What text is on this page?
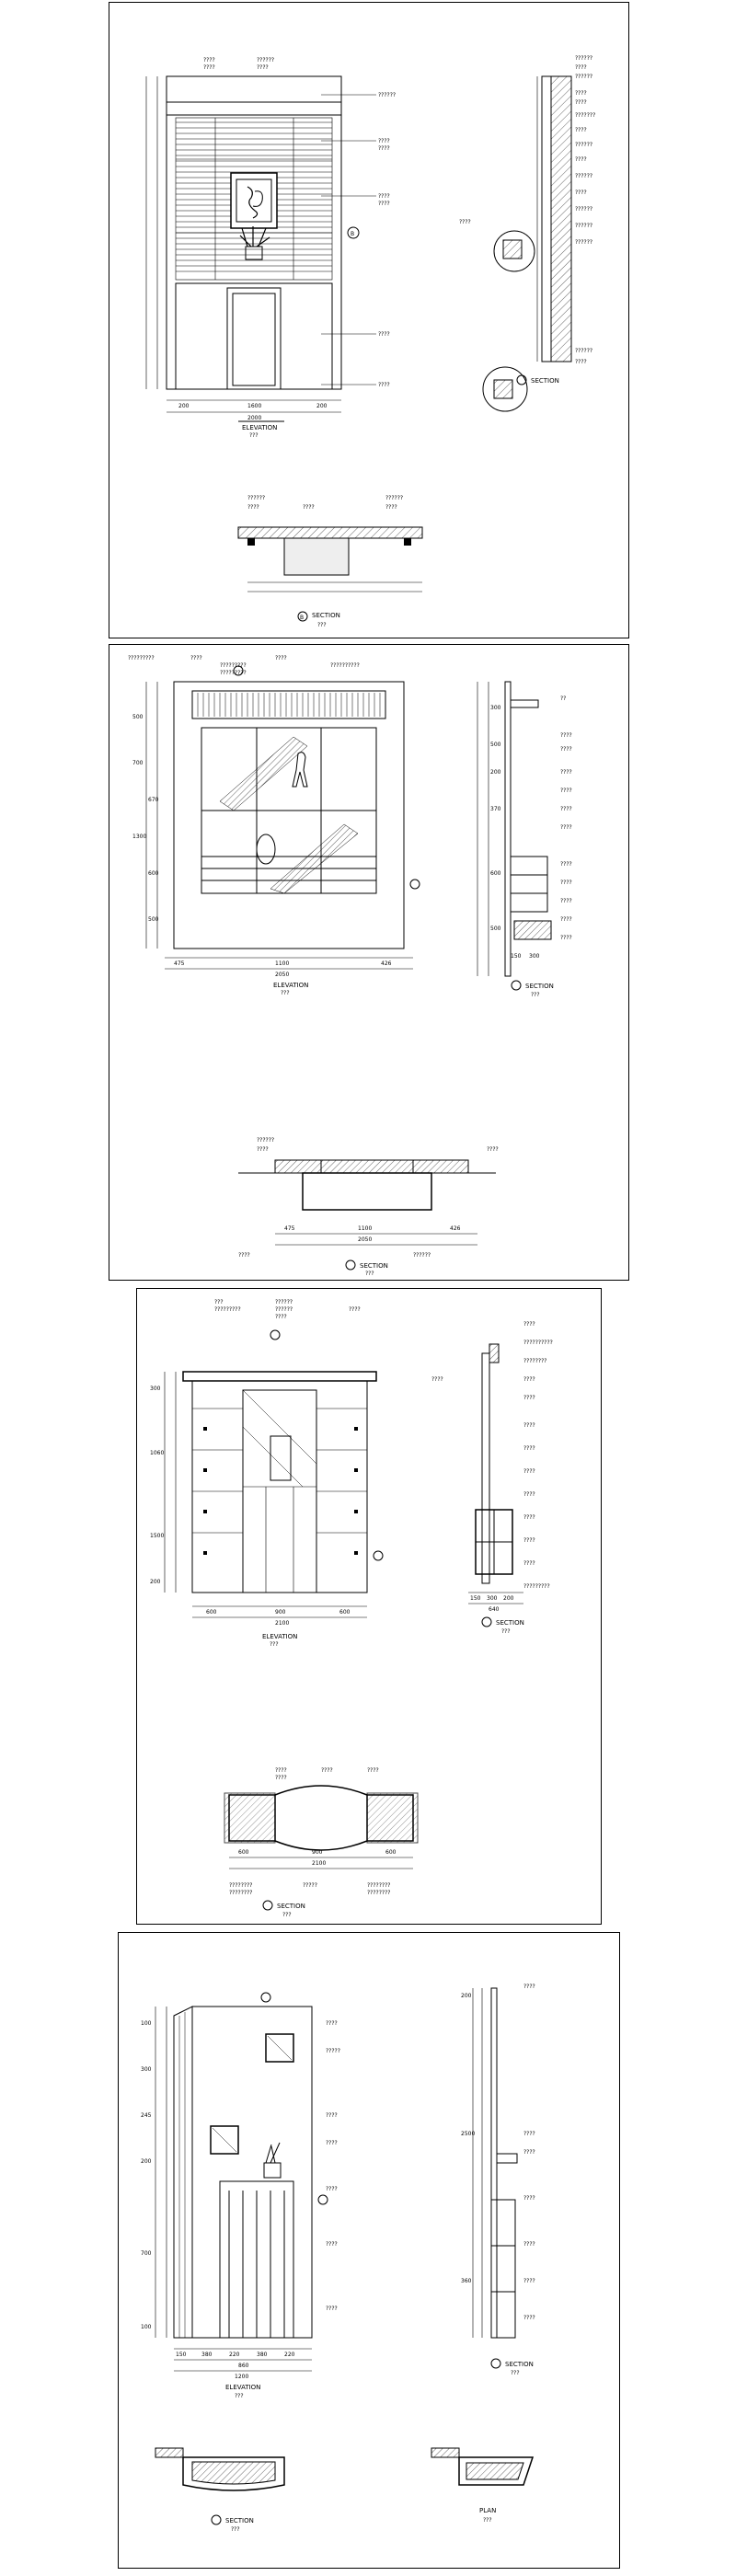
200	1600	200
2000
ELEVATION
???
????
????
??????
????
??????
????
????
????
????
????
????
B
SECTION
??????
????
??????
????
????
???????
????
??????
????
??????
????
??????
??????
??????
??????
????
????
??????
????	????
??????
????
B SECTION
???
500
700
670
1300
600
500
475	1100	426
2050
ELEVATION
???
?????????	????
?????????
?????????
????
??????????
300
500
200
370
600
500
150 300
SECTION
???
??
????
????
????
????
????
????
????
????
????
????
????
475	1100	426
2050
??????
????	????
??????
????
SECTION
???
300
1060
1500
200
600	900	600
2100
ELEVATION
???
???
?????????
??????
??????
????
????
150 300 200
640
SECTION
???
????
??????????
????????
????
????
????
????
????
????
????
????
????
????
?????????
600	900	600
2100
????
????
????	????
????????
????????
?????	????????
????????
SECTION
???
100
300
245
200
700
100
150	380	220	380	220
860
1200
ELEVATION
???
????
?????
????
????
????
????
????
200
2500
360
SECTION
???
????
????
????
????
????
????
????
SECTION
???
PLAN
???
